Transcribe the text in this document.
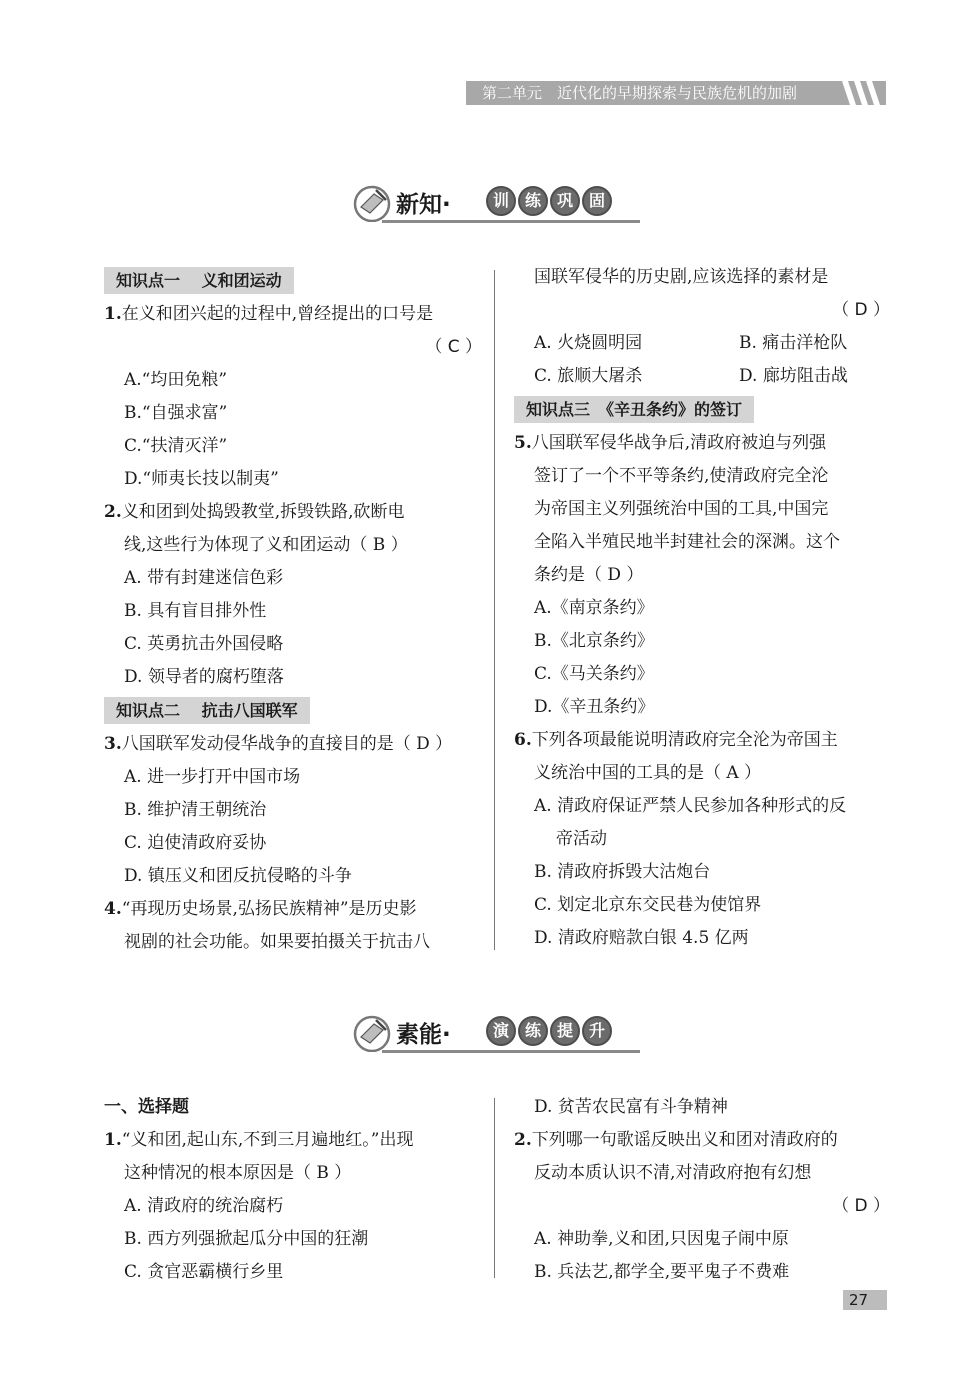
第二单元　近代化的早期探索与民族危机的加剧
新知·	训 练 巩 固
知识点一　 义和团运动
1.在义和团兴起的过程中,曾经提出的口号是
（ C ）
A.“均田免粮”
B.“自强求富”
C.“扶清灭洋”
D.“师夷长技以制夷”
2.义和团到处捣毁教堂,拆毁铁路,砍断电
线,这些行为体现了义和团运动（ B ）
A. 带有封建迷信色彩
B. 具有盲目排外性
C. 英勇抗击外国侵略
D. 领导者的腐朽堕落
知识点二　 抗击八国联军
3.八国联军发动侵华战争的直接目的是（ D ）
A. 进一步打开中国市场
B. 维护清王朝统治
C. 迫使清政府妥协
D. 镇压义和团反抗侵略的斗争
4.“再现历史场景,弘扬民族精神”是历史影
视剧的社会功能。如果要拍摄关于抗击八
国联军侵华的历史剧,应该选择的素材是
（ D ）
A. 火烧圆明园	B. 痛击洋枪队
C. 旅顺大屠杀	D. 廊坊阻击战
知识点三　《辛丑条约》的签订
5.八国联军侵华战争后,清政府被迫与列强
签订了一个不平等条约,使清政府完全沦
为帝国主义列强统治中国的工具,中国完
全陷入半殖民地半封建社会的深渊。这个
条约是（ D ）
A.《南京条约》
B.《北京条约》
C.《马关条约》
D.《辛丑条约》
6.下列各项最能说明清政府完全沦为帝国主
义统治中国的工具的是（ A ）
A. 清政府保证严禁人民参加各种形式的反
帝活动
B. 清政府拆毁大沽炮台
C. 划定北京东交民巷为使馆界
D. 清政府赔款白银 4.5 亿两
素能·	演 练 提 升
一、选择题
1.“义和团,起山东,不到三月遍地红。”出现
这种情况的根本原因是（ B ）
A. 清政府的统治腐朽
B. 西方列强掀起瓜分中国的狂潮
C. 贪官恶霸横行乡里
D. 贫苦农民富有斗争精神
2.下列哪一句歌谣反映出义和团对清政府的
反动本质认识不清,对清政府抱有幻想
（ D ）
A. 神助拳,义和团,只因鬼子闹中原
B. 兵法艺,都学全,要平鬼子不费难
27
